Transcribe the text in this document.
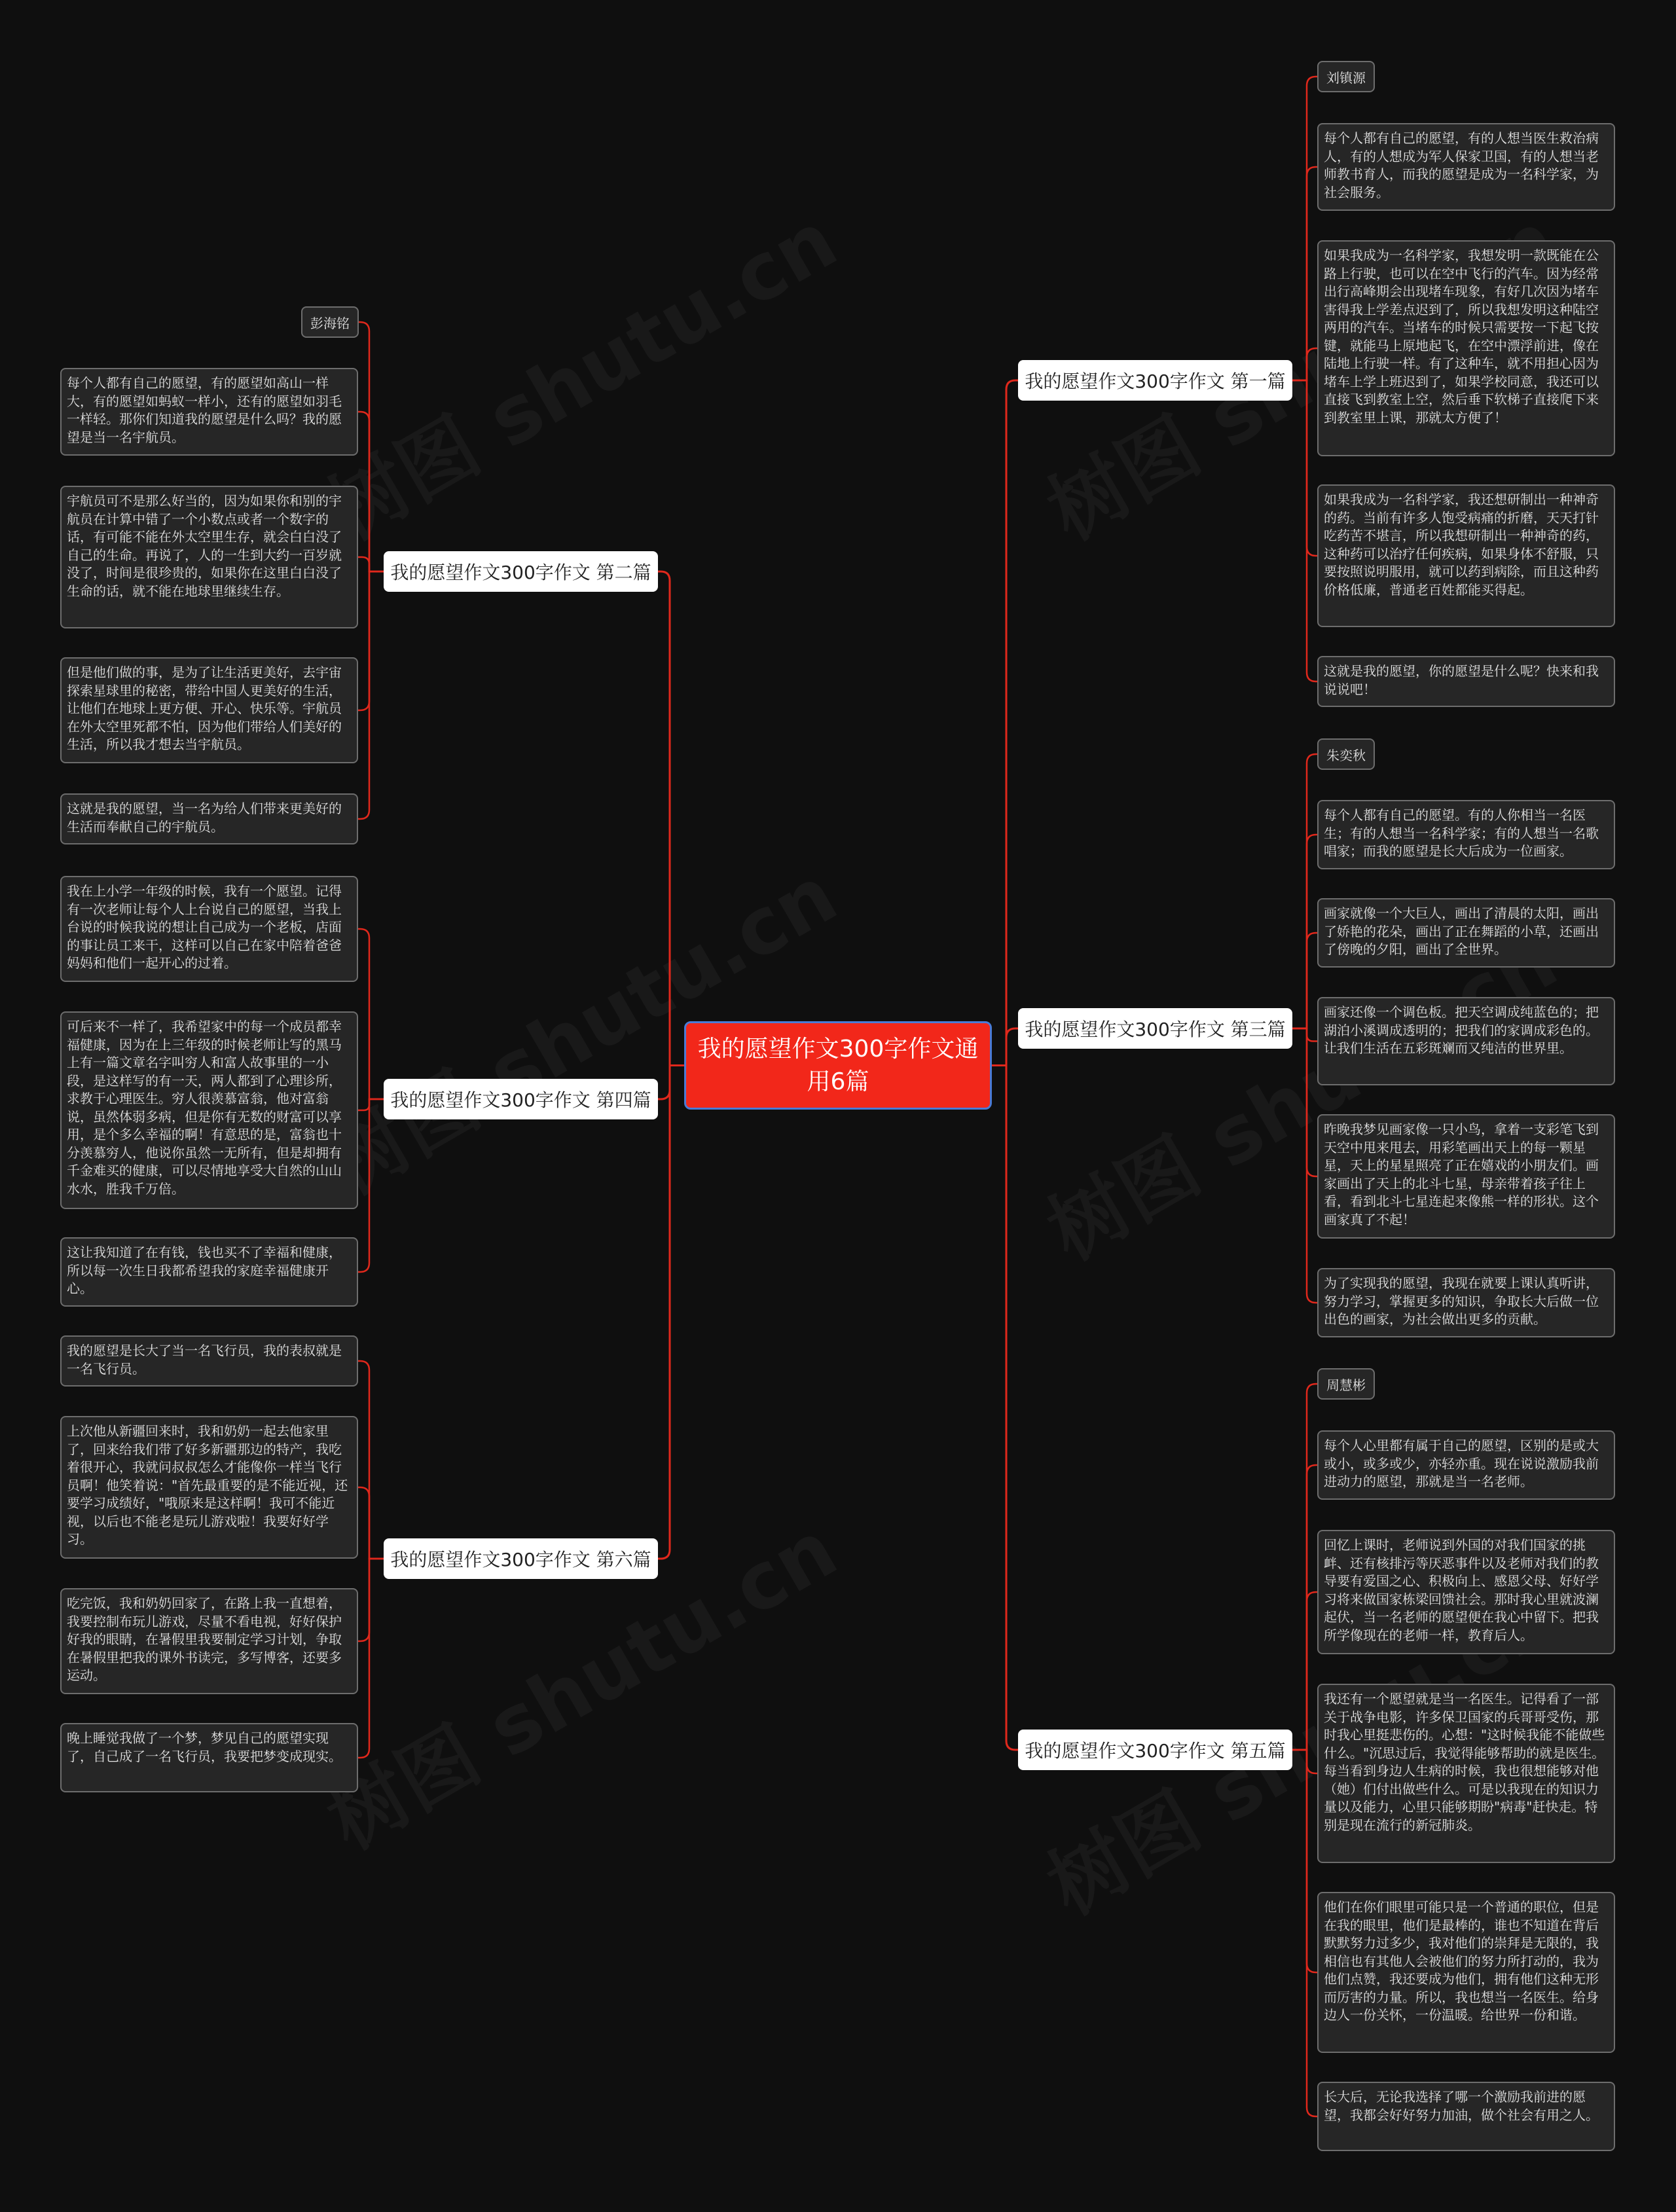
我的愿望作文300字作文通用6篇
我的愿望作文300字作文 第一篇
刘镇源
每个人都有自己的愿望，有的人想当医生救治病人，有的人想成为军人保家卫国，有的人想当老师教书育人，而我的愿望是成为一名科学家，为社会服务。
如果我成为一名科学家，我想发明一款既能在公路上行驶，也可以在空中飞行的汽车。因为经常出行高峰期会出现堵车现象，有好几次因为堵车害得我上学差点迟到了，所以我想发明这种陆空两用的汽车。当堵车的时候只需要按一下起飞按键，就能马上原地起飞，在空中漂浮前进，像在陆地上行驶一样。有了这种车，就不用担心因为堵车上学上班迟到了，如果学校同意，我还可以直接飞到教室上空，然后垂下软梯子直接爬下来到教室里上课，那就太方便了！
如果我成为一名科学家，我还想研制出一种神奇的药。当前有许多人饱受病痛的折磨，天天打针吃药苦不堪言，所以我想研制出一种神奇的药，这种药可以治疗任何疾病，如果身体不舒服，只要按照说明服用，就可以药到病除，而且这种药价格低廉，普通老百姓都能买得起。
这就是我的愿望，你的愿望是什么呢？快来和我说说吧！
我的愿望作文300字作文 第三篇
朱奕秋
每个人都有自己的愿望。有的人你相当一名医生；有的人想当一名科学家；有的人想当一名歌唱家；而我的愿望是长大后成为一位画家。
画家就像一个大巨人，画出了清晨的太阳，画出了娇艳的花朵，画出了正在舞蹈的小草，还画出了傍晚的夕阳，画出了全世界。
画家还像一个调色板。把天空调成纯蓝色的；把湖泊小溪调成透明的；把我们的家调成彩色的。让我们生活在五彩斑斓而又纯洁的世界里。
昨晚我梦见画家像一只小鸟，拿着一支彩笔飞到天空中甩来甩去，用彩笔画出天上的每一颗星星，天上的星星照亮了正在嬉戏的小朋友们。画家画出了天上的北斗七星，母亲带着孩子往上看，看到北斗七星连起来像熊一样的形状。这个画家真了不起！
为了实现我的愿望，我现在就要上课认真听讲，努力学习，掌握更多的知识，争取长大后做一位出色的画家，为社会做出更多的贡献。
我的愿望作文300字作文 第五篇
周慧彬
每个人心里都有属于自己的愿望，区别的是或大或小，或多或少，亦轻亦重。现在说说激励我前进动力的愿望，那就是当一名老师。
回忆上课时，老师说到外国的对我们国家的挑衅、还有核排污等厌恶事件以及老师对我们的教导要有爱国之心、积极向上、感恩父母、好好学习将来做国家栋梁回馈社会。那时我心里就波澜起伏，当一名老师的愿望便在我心中留下。把我所学像现在的老师一样，教育后人。
我还有一个愿望就是当一名医生。记得看了一部关于战争电影，许多保卫国家的兵哥哥受伤，那时我心里挺悲伤的。心想："这时候我能不能做些什么。"沉思过后，我觉得能够帮助的就是医生。每当看到身边人生病的时候，我也很想能够对他（她）们付出做些什么。可是以我现在的知识力量以及能力，心里只能够期盼"病毒"赶快走。特别是现在流行的新冠肺炎。
他们在你们眼里可能只是一个普通的职位，但是在我的眼里，他们是最棒的，谁也不知道在背后默默努力过多少，我对他们的崇拜是无限的，我相信也有其他人会被他们的努力所打动的，我为他们点赞，我还要成为他们，拥有他们这种无形而厉害的力量。所以，我也想当一名医生。给身边人一份关怀，一份温暖。给世界一份和谐。
长大后，无论我选择了哪一个激励我前进的愿望，我都会好好努力加油，做个社会有用之人。
我的愿望作文300字作文 第二篇
彭海铭
每个人都有自己的愿望，有的愿望如高山一样大，有的愿望如蚂蚁一样小，还有的愿望如羽毛一样轻。那你们知道我的愿望是什么吗？我的愿望是当一名宇航员。
宇航员可不是那么好当的，因为如果你和别的宇航员在计算中错了一个小数点或者一个数字的话，有可能不能在外太空里生存，就会白白没了自己的生命。再说了，人的一生到大约一百岁就没了，时间是很珍贵的，如果你在这里白白没了生命的话，就不能在地球里继续生存。
但是他们做的事，是为了让生活更美好，去宇宙探索星球里的秘密，带给中国人更美好的生活，让他们在地球上更方便、开心、快乐等。宇航员在外太空里死都不怕，因为他们带给人们美好的生活，所以我才想去当宇航员。
这就是我的愿望，当一名为给人们带来更美好的生活而奉献自己的宇航员。
我的愿望作文300字作文 第四篇
我在上小学一年级的时候，我有一个愿望。记得有一次老师让每个人上台说自己的愿望，当我上台说的时候我说的想让自己成为一个老板，店面的事让员工来干，这样可以自己在家中陪着爸爸妈妈和他们一起开心的过着。
可后来不一样了，我希望家中的每一个成员都幸福健康，因为在上三年级的时候老师让写的黑马上有一篇文章名字叫穷人和富人故事里的一小段，是这样写的有一天，两人都到了心理诊所，求教于心理医生。穷人很羡慕富翁，他对富翁说，虽然体弱多病，但是你有无数的财富可以享用，是个多么幸福的啊！有意思的是，富翁也十分羡慕穷人，他说你虽然一无所有，但是却拥有千金难买的健康，可以尽情地享受大自然的山山水水，胜我千万倍。
这让我知道了在有钱，钱也买不了幸福和健康，所以每一次生日我都希望我的家庭幸福健康开心。
我的愿望作文300字作文 第六篇
我的愿望是长大了当一名飞行员，我的表叔就是一名飞行员。
上次他从新疆回来时，我和奶奶一起去他家里了，回来给我们带了好多新疆那边的特产，我吃着很开心，我就问叔叔怎么才能像你一样当飞行员啊！他笑着说："首先最重要的是不能近视，还要学习成绩好，"哦原来是这样啊！我可不能近视，以后也不能老是玩儿游戏啦！我要好好学习。
吃完饭，我和奶奶回家了，在路上我一直想着，我要控制布玩儿游戏，尽量不看电视，好好保护好我的眼睛，在暑假里我要制定学习计划，争取在暑假里把我的课外书读完，多写博客，还要多运动。
晚上睡觉我做了一个梦，梦见自己的愿望实现了，自己成了一名飞行员，我要把梦变成现实。
